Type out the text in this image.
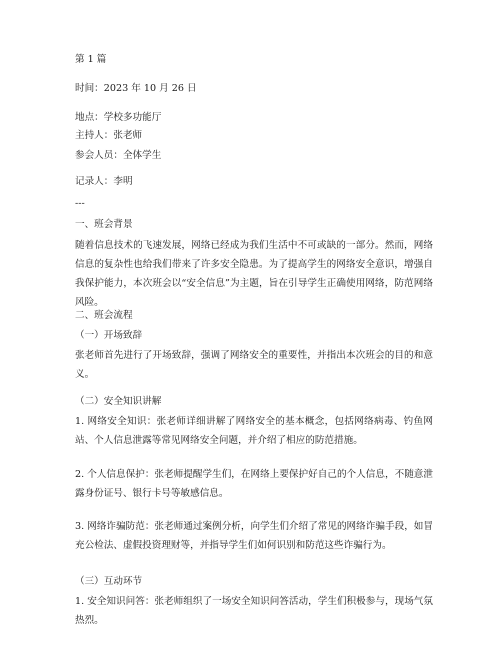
第 1 篇
时间：2023 年 10 月 26 日
地点：学校多功能厅
主持人：张老师
参会人员：全体学生
记录人：李明
---
一、班会背景
随着信息技术的飞速发展，网络已经成为我们生活中不可或缺的一部分。然而，网络信息的复杂性也给我们带来了许多安全隐患。为了提高学生的网络安全意识，增强自我保护能力，本次班会以“安全信息”为主题，旨在引导学生正确使用网络，防范网络风险。
二、班会流程
（一）开场致辞
张老师首先进行了开场致辞，强调了网络安全的重要性，并指出本次班会的目的和意义。
（二）安全知识讲解
1. 网络安全知识：张老师详细讲解了网络安全的基本概念，包括网络病毒、钓鱼网站、个人信息泄露等常见网络安全问题，并介绍了相应的防范措施。
2. 个人信息保护：张老师提醒学生们，在网络上要保护好自己的个人信息，不随意泄露身份证号、银行卡号等敏感信息。
3. 网络诈骗防范：张老师通过案例分析，向学生们介绍了常见的网络诈骗手段，如冒充公检法、虚假投资理财等，并指导学生们如何识别和防范这些诈骗行为。
（三）互动环节
1. 安全知识问答：张老师组织了一场安全知识问答活动，学生们积极参与，现场气氛热烈。
